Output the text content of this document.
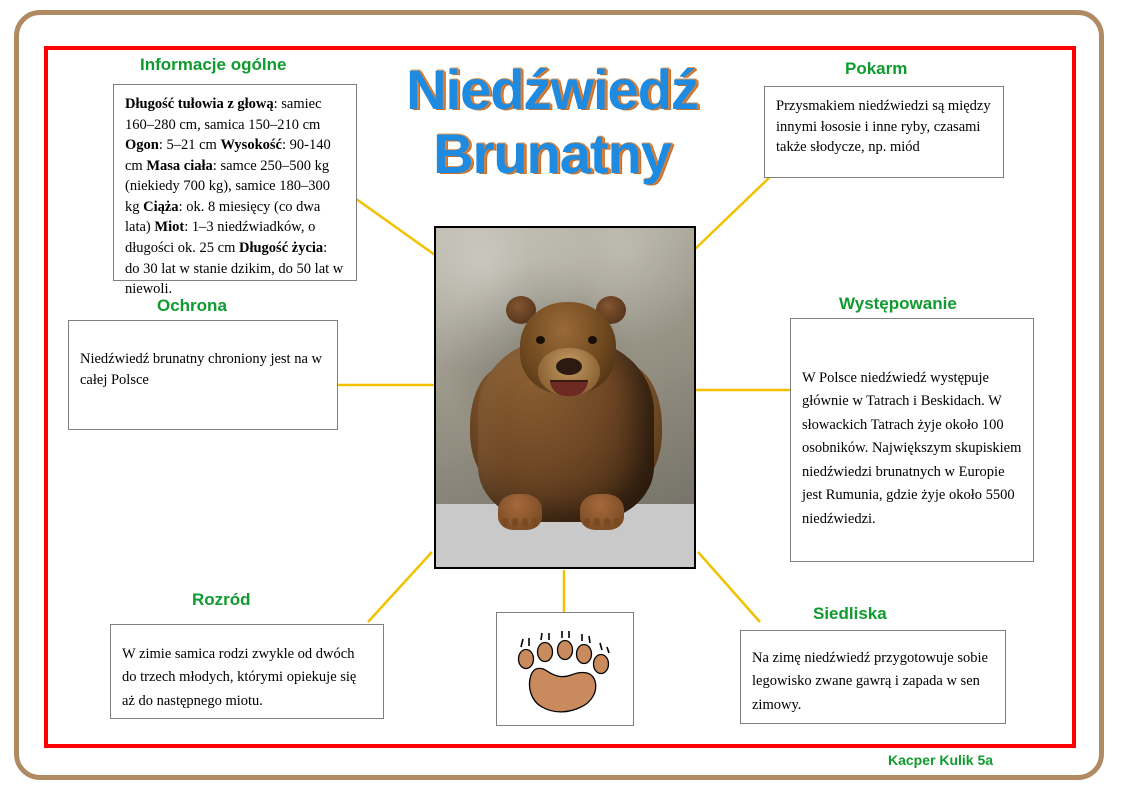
Niedźwiedź
Brunatny
Informacje ogólne
Długość tułowia z głową: samiec 160–280 cm, samica 150–210 cm Ogon: 5–21 cm Wysokość: 90-140 cm Masa ciała: samce 250–500 kg (niekiedy 700 kg), samice 180–300 kg Ciąża: ok. 8 miesięcy (co dwa lata) Miot: 1–3 niedźwiadków, o długości ok. 25 cm Długość życia: do 30 lat w stanie dzikim, do 50 lat w niewoli.
Pokarm
Przysmakiem niedźwiedzi są między innymi łososie i inne ryby, czasami także słodycze, np. miód
Ochrona
Niedźwiedź brunatny chroniony jest na w całej Polsce
Występowanie
W Polsce niedźwiedź występuje głównie w Tatrach i Beskidach. W słowackich Tatrach żyje około 100 osobników. Największym skupiskiem niedźwiedzi brunatnych w Europie jest Rumunia, gdzie żyje około 5500 niedźwiedzi.
Rozród
W zimie samica rodzi zwykle od dwóch do trzech młodych, którymi opiekuje się aż do następnego miotu.
Siedliska
Na zimę niedźwiedź przygotowuje sobie legowisko zwane gawrą i zapada w sen zimowy.
Kacper Kulik 5a
